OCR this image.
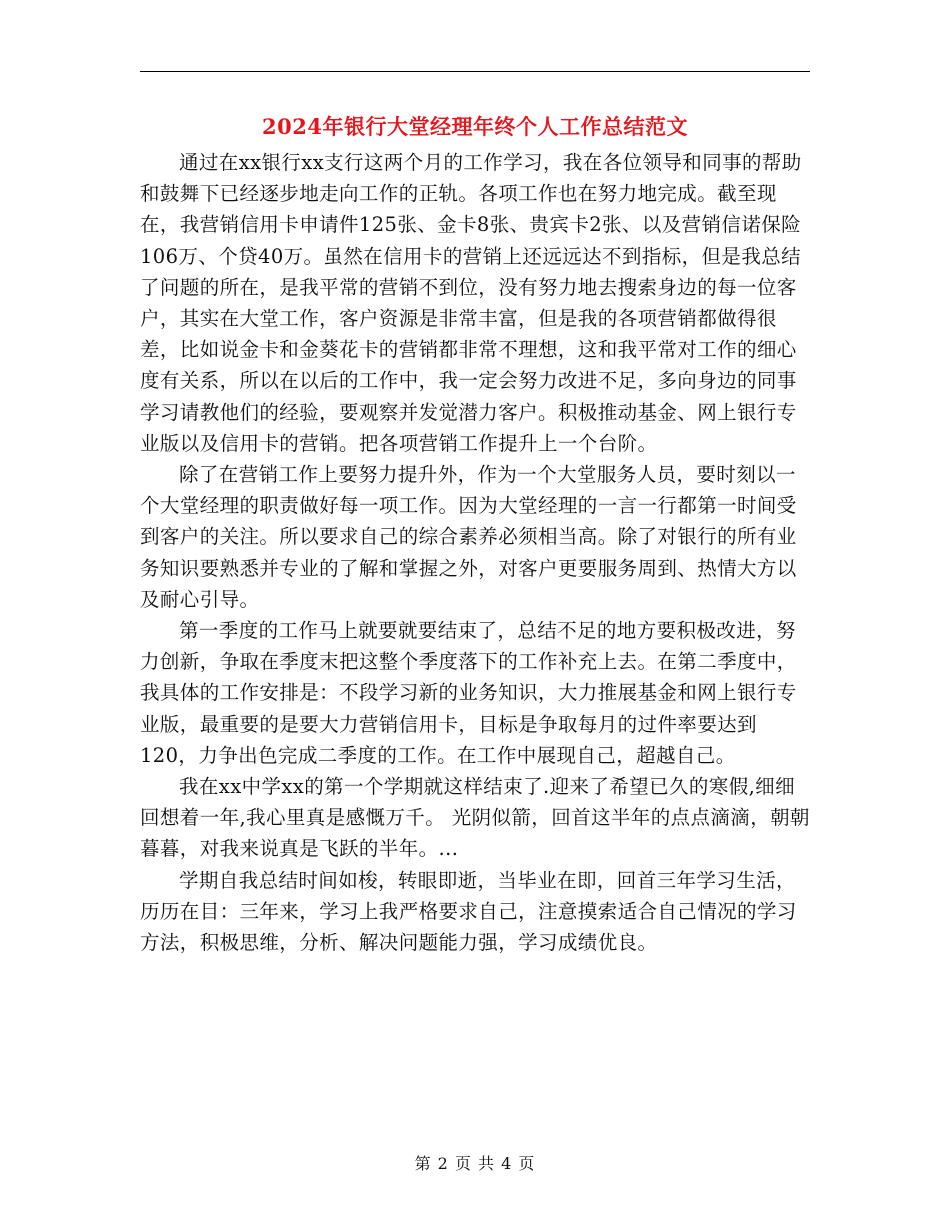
2024年银行大堂经理年终个人工作总结范文

通过在xx银行xx支行这两个月的工作学习，我在各位领导和同事的帮助和鼓舞下已经逐步地走向工作的正轨。各项工作也在努力地完成。截至现在，我营销信用卡申请件125张、金卡8张、贵宾卡2张、以及营销信诺保险106万、个贷40万。虽然在信用卡的营销上还远远达不到指标，但是我总结了问题的所在，是我平常的营销不到位，没有努力地去搜索身边的每一位客户，其实在大堂工作，客户资源是非常丰富，但是我的各项营销都做得很差，比如说金卡和金葵花卡的营销都非常不理想，这和我平常对工作的细心度有关系，所以在以后的工作中，我一定会努力改进不足，多向身边的同事学习请教他们的经验，要观察并发觉潜力客户。积极推动基金、网上银行专业版以及信用卡的营销。把各项营销工作提升上一个台阶。

除了在营销工作上要努力提升外，作为一个大堂服务人员，要时刻以一个大堂经理的职责做好每一项工作。因为大堂经理的一言一行都第一时间受到客户的关注。所以要求自己的综合素养必须相当高。除了对银行的所有业务知识要熟悉并专业的了解和掌握之外，对客户更要服务周到、热情大方以及耐心引导。

第一季度的工作马上就要就要结束了，总结不足的地方要积极改进，努力创新，争取在季度末把这整个季度落下的工作补充上去。在第二季度中，我具体的工作安排是：不段学习新的业务知识，大力推展基金和网上银行专业版，最重要的是要大力营销信用卡，目标是争取每月的过件率要达到120，力争出色完成二季度的工作。在工作中展现自己，超越自己。

我在xx中学xx的第一个学期就这样结束了.迎来了希望已久的寒假,细细回想着一年,我心里真是感慨万千。 光阴似箭，回首这半年的点点滴滴，朝朝暮暮，对我来说真是飞跃的半年。...

学期自我总结时间如梭，转眼即逝，当毕业在即，回首三年学习生活，历历在目：三年来，学习上我严格要求自己，注意摸索适合自己情况的学习方法，积极思维，分析、解决问题能力强，学习成绩优良。

第 2 页 共 4 页
